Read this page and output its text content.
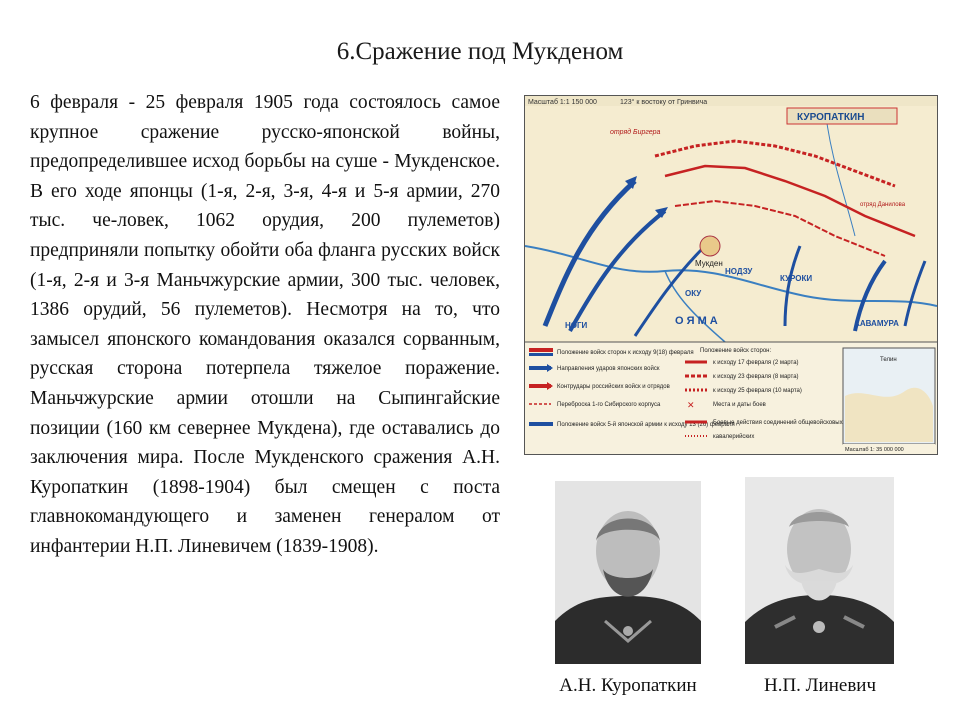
6.Сражение под Мукденом
6 февраля - 25 февраля 1905 года состоялось самое крупное сражение русско-японской войны, предопределившее исход борьбы на суше - Мукденское. В его ходе японцы (1-я, 2-я, 3-я, 4-я и 5-я армии, 270 тыс. че-ловек, 1062 орудия, 200 пулеметов) предприняли попытку обойти оба фланга русских войск (1-я, 2-я и 3-я Маньчжурские армии, 300 тыс. человек, 1386 орудий, 56 пулеметов). Несмотря на то, что замысел японского командования оказался сорванным, русская сторона потерпела тяжелое поражение. Маньчжурские армии отошли на Сыпингайские позиции (160 км севернее Мукдена), где оставались до заключения мира. После Мукденского сражения А.Н. Куропаткин (1898-1904) был смещен с поста главнокомандующего и заменен генералом от инфантерии Н.П. Линевичем (1839-1908).
Масштаб 1:1 150 000	123° к востоку от Гринвича
КУРОПАТКИН
отряд Биргера
отряд Данилова
Мукден
НОГИ
ОКУ
НОДЗУ
КУРОКИ
О Я М А	КАВАМУРА
Положение войск сторон к исходу 9(18) февраля
Направления ударов японских войск
Контрудары российских войск и отрядов
Переброска 1-го Сибирского корпуса
Положение войск 5-й японской армии к исходу 13 (26) февраля
Положение войск сторон:
к исходу 17 февраля (2 марта)
к исходу 23 февраля (8 марта)
к исходу 25 февраля (10 марта)
✕	Места и даты боев
Боевые действия соединений общевойсковых
кавалерийских
Телин
Масштаб 1: 35 000 000
А.Н. Куропаткин	Н.П. Линевич
